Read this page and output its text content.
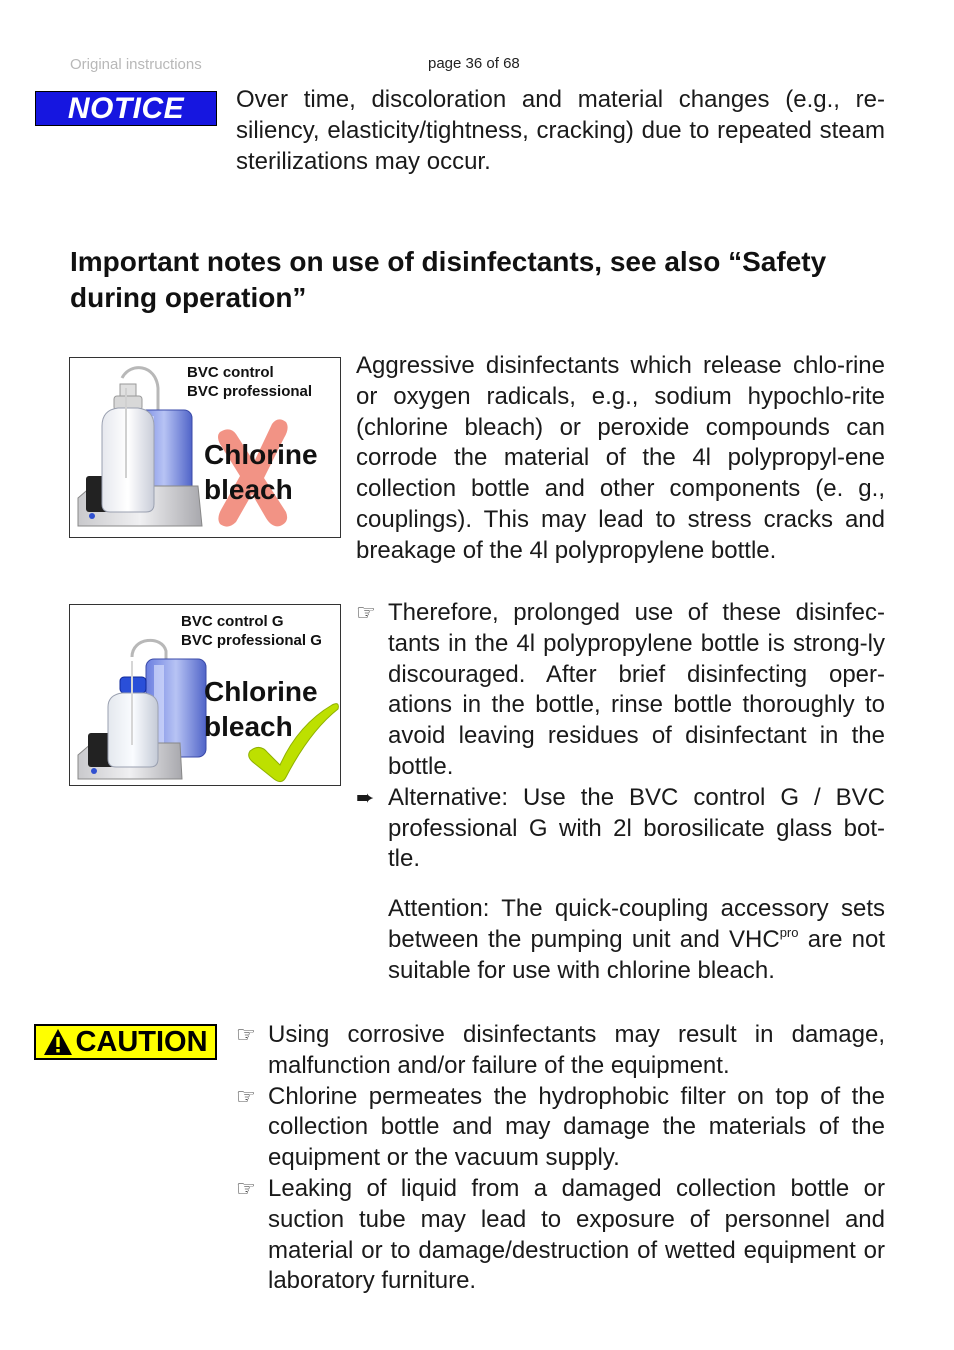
Original instructions	page 36 of 68
NOTICE	Over time, discoloration and material changes (e.g., re-siliency, elasticity/tightness, cracking) due to repeated steam sterilizations may occur.

Important notes on use of disinfectants, see also “Safety during operation”
BVC control
BVC professional
Chlorine
bleach

Aggressive disinfectants which release chlo-rine or oxygen radicals, e.g., sodium hypochlo-rite (chlorine bleach) or peroxide compounds can corrode the material of the 4l polypropyl-ene collection bottle and other components (e. g., couplings). This may lead to stress cracks and breakage of the 4l polypropylene bottle.

BVC control G
BVC professional G
Chlorine
bleach
☞ Therefore, prolonged use of these disinfec-tants in the 4l polypropylene bottle is strong-ly discouraged. After brief disinfecting oper-ations in the bottle, rinse bottle thoroughly to avoid leaving residues of disinfectant in the bottle.

➨ Alternative: Use the BVC control G / BVC professional G with 2l borosilicate glass bot-tle.

Attention: The quick-coupling accessory sets between the pumping unit and $VHC^{pro}$ are not suitable for use with chlorine bleach.

CAUTION ☞ Using corrosive disinfectants may result in damage, malfunction and/or failure of the equipment.

☞ Chlorine permeates the hydrophobic filter on top of the collection bottle and may damage the materials of the equipment or the vacuum supply.

☞ Leaking of liquid from a damaged collection bottle or suction tube may lead to exposure of personnel and material or to damage/destruction of wetted equipment or laboratory furniture.
